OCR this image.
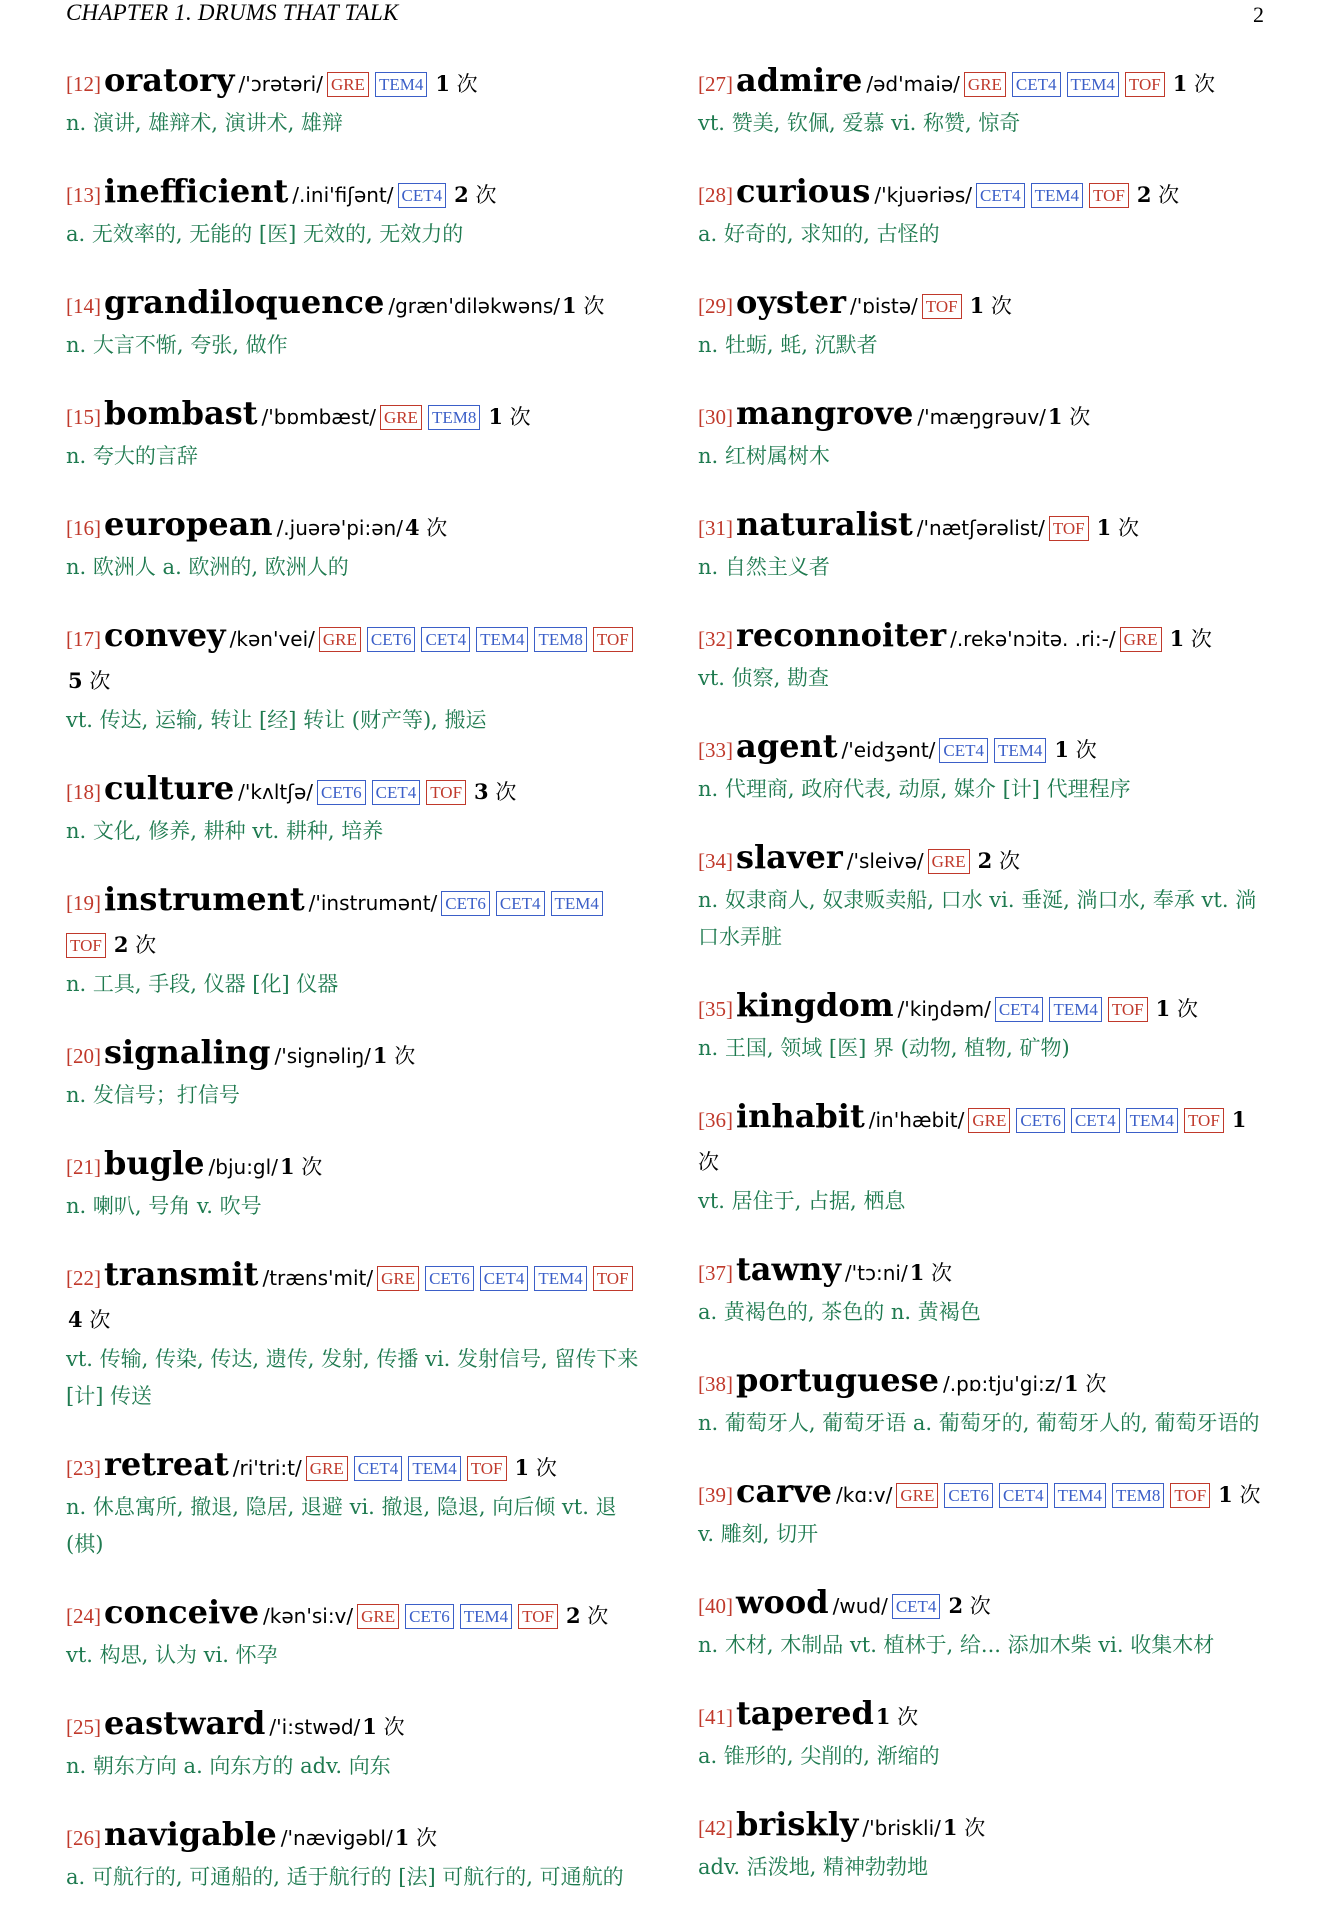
CHAPTER 1. DRUMS THAT TALK	2
[12]oratory /'ɔrətəri/ GRE TEM4 1 次
n. 演讲, 雄辩术, 演讲术, 雄辩
[13]inefficient /.ini'fiʃənt/ CET4 2 次
a. 无效率的, 无能的 [医] 无效的, 无效力的
[14]grandiloquence /græn'diləkwəns/1 次
n. 大言不惭, 夸张, 做作
[15]bombast /'bɒmbæst/ GRE TEM8 1 次
n. 夸大的言辞
[16]european /.juərə'pi:ən/4 次
n. 欧洲人 a. 欧洲的, 欧洲人的
[17]convey /kən'vei/ GRE CET6 CET4 TEM4 TEM8 TOF5 次
vt. 传达, 运输, 转让 [经] 转让 (财产等), 搬运
[18]culture /'kʌltʃə/ CET6 CET4 TOF 3 次
n. 文化, 修养, 耕种 vt. 耕种, 培养
[19]instrument /'instrumənt/ CET6 CET4 TEM4TOF 2 次
n. 工具, 手段, 仪器 [化] 仪器
[20]signaling /'signəliŋ/1 次
n. 发信号；打信号
[21]bugle /bju:gl/1 次
n. 喇叭, 号角 v. 吹号
[22]transmit /træns'mit/ GRE CET6 CET4 TEM4 TOF4 次
vt. 传输, 传染, 传达, 遗传, 发射, 传播 vi. 发射信号, 留传下来 [计] 传送
[23]retreat /ri'tri:t/ GRE CET4 TEM4 TOF 1 次
n. 休息寓所, 撤退, 隐居, 退避 vi. 撤退, 隐退, 向后倾 vt. 退 (棋)
[24]conceive /kən'si:v/ GRE CET6 TEM4 TOF 2 次
vt. 构思, 认为 vi. 怀孕
[25]eastward /'i:stwəd/1 次
n. 朝东方向 a. 向东方的 adv. 向东
[26]navigable /'nævigəbl/1 次
a. 可航行的, 可通船的, 适于航行的 [法] 可航行的, 可通航的
[27]admire /əd'maiə/ GRE CET4 TEM4 TOF 1 次
vt. 赞美, 钦佩, 爱慕 vi. 称赞, 惊奇
[28]curious /'kjuəriəs/ CET4 TEM4 TOF 2 次
a. 好奇的, 求知的, 古怪的
[29]oyster /'ɒistə/ TOF 1 次
n. 牡蛎, 蚝, 沉默者
[30]mangrove /'mæŋgrəuv/1 次
n. 红树属树木
[31]naturalist /'nætʃərəlist/ TOF 1 次
n. 自然主义者
[32]reconnoiter /.rekə'nɔitə. .ri:-/ GRE 1 次
vt. 侦察, 勘查
[33]agent /'eidʒənt/ CET4 TEM4 1 次
n. 代理商, 政府代表, 动原, 媒介 [计] 代理程序
[34]slaver /'sleivə/ GRE 2 次
n. 奴隶商人, 奴隶贩卖船, 口水 vi. 垂涎, 淌口水, 奉承 vt. 淌口水弄脏
[35]kingdom /'kiŋdəm/ CET4 TEM4 TOF 1 次
n. 王国, 领域 [医] 界 (动物, 植物, 矿物)
[36]inhabit /in'hæbit/ GRE CET6 CET4 TEM4 TOF 1 次
vt. 居住于, 占据, 栖息
[37]tawny /'tɔ:ni/1 次
a. 黄褐色的, 茶色的 n. 黄褐色
[38]portuguese /.pɒ:tju'gi:z/1 次
n. 葡萄牙人, 葡萄牙语 a. 葡萄牙的, 葡萄牙人的, 葡萄牙语的
[39]carve /kɑ:v/ GRE CET6 CET4 TEM4 TEM8 TOF 1 次
v. 雕刻, 切开
[40]wood /wud/ CET4 2 次
n. 木材, 木制品 vt. 植林于, 给... 添加木柴 vi. 收集木材
[41]tapered1 次
a. 锥形的, 尖削的, 渐缩的
[42]briskly /'briskli/1 次
adv. 活泼地, 精神勃勃地
